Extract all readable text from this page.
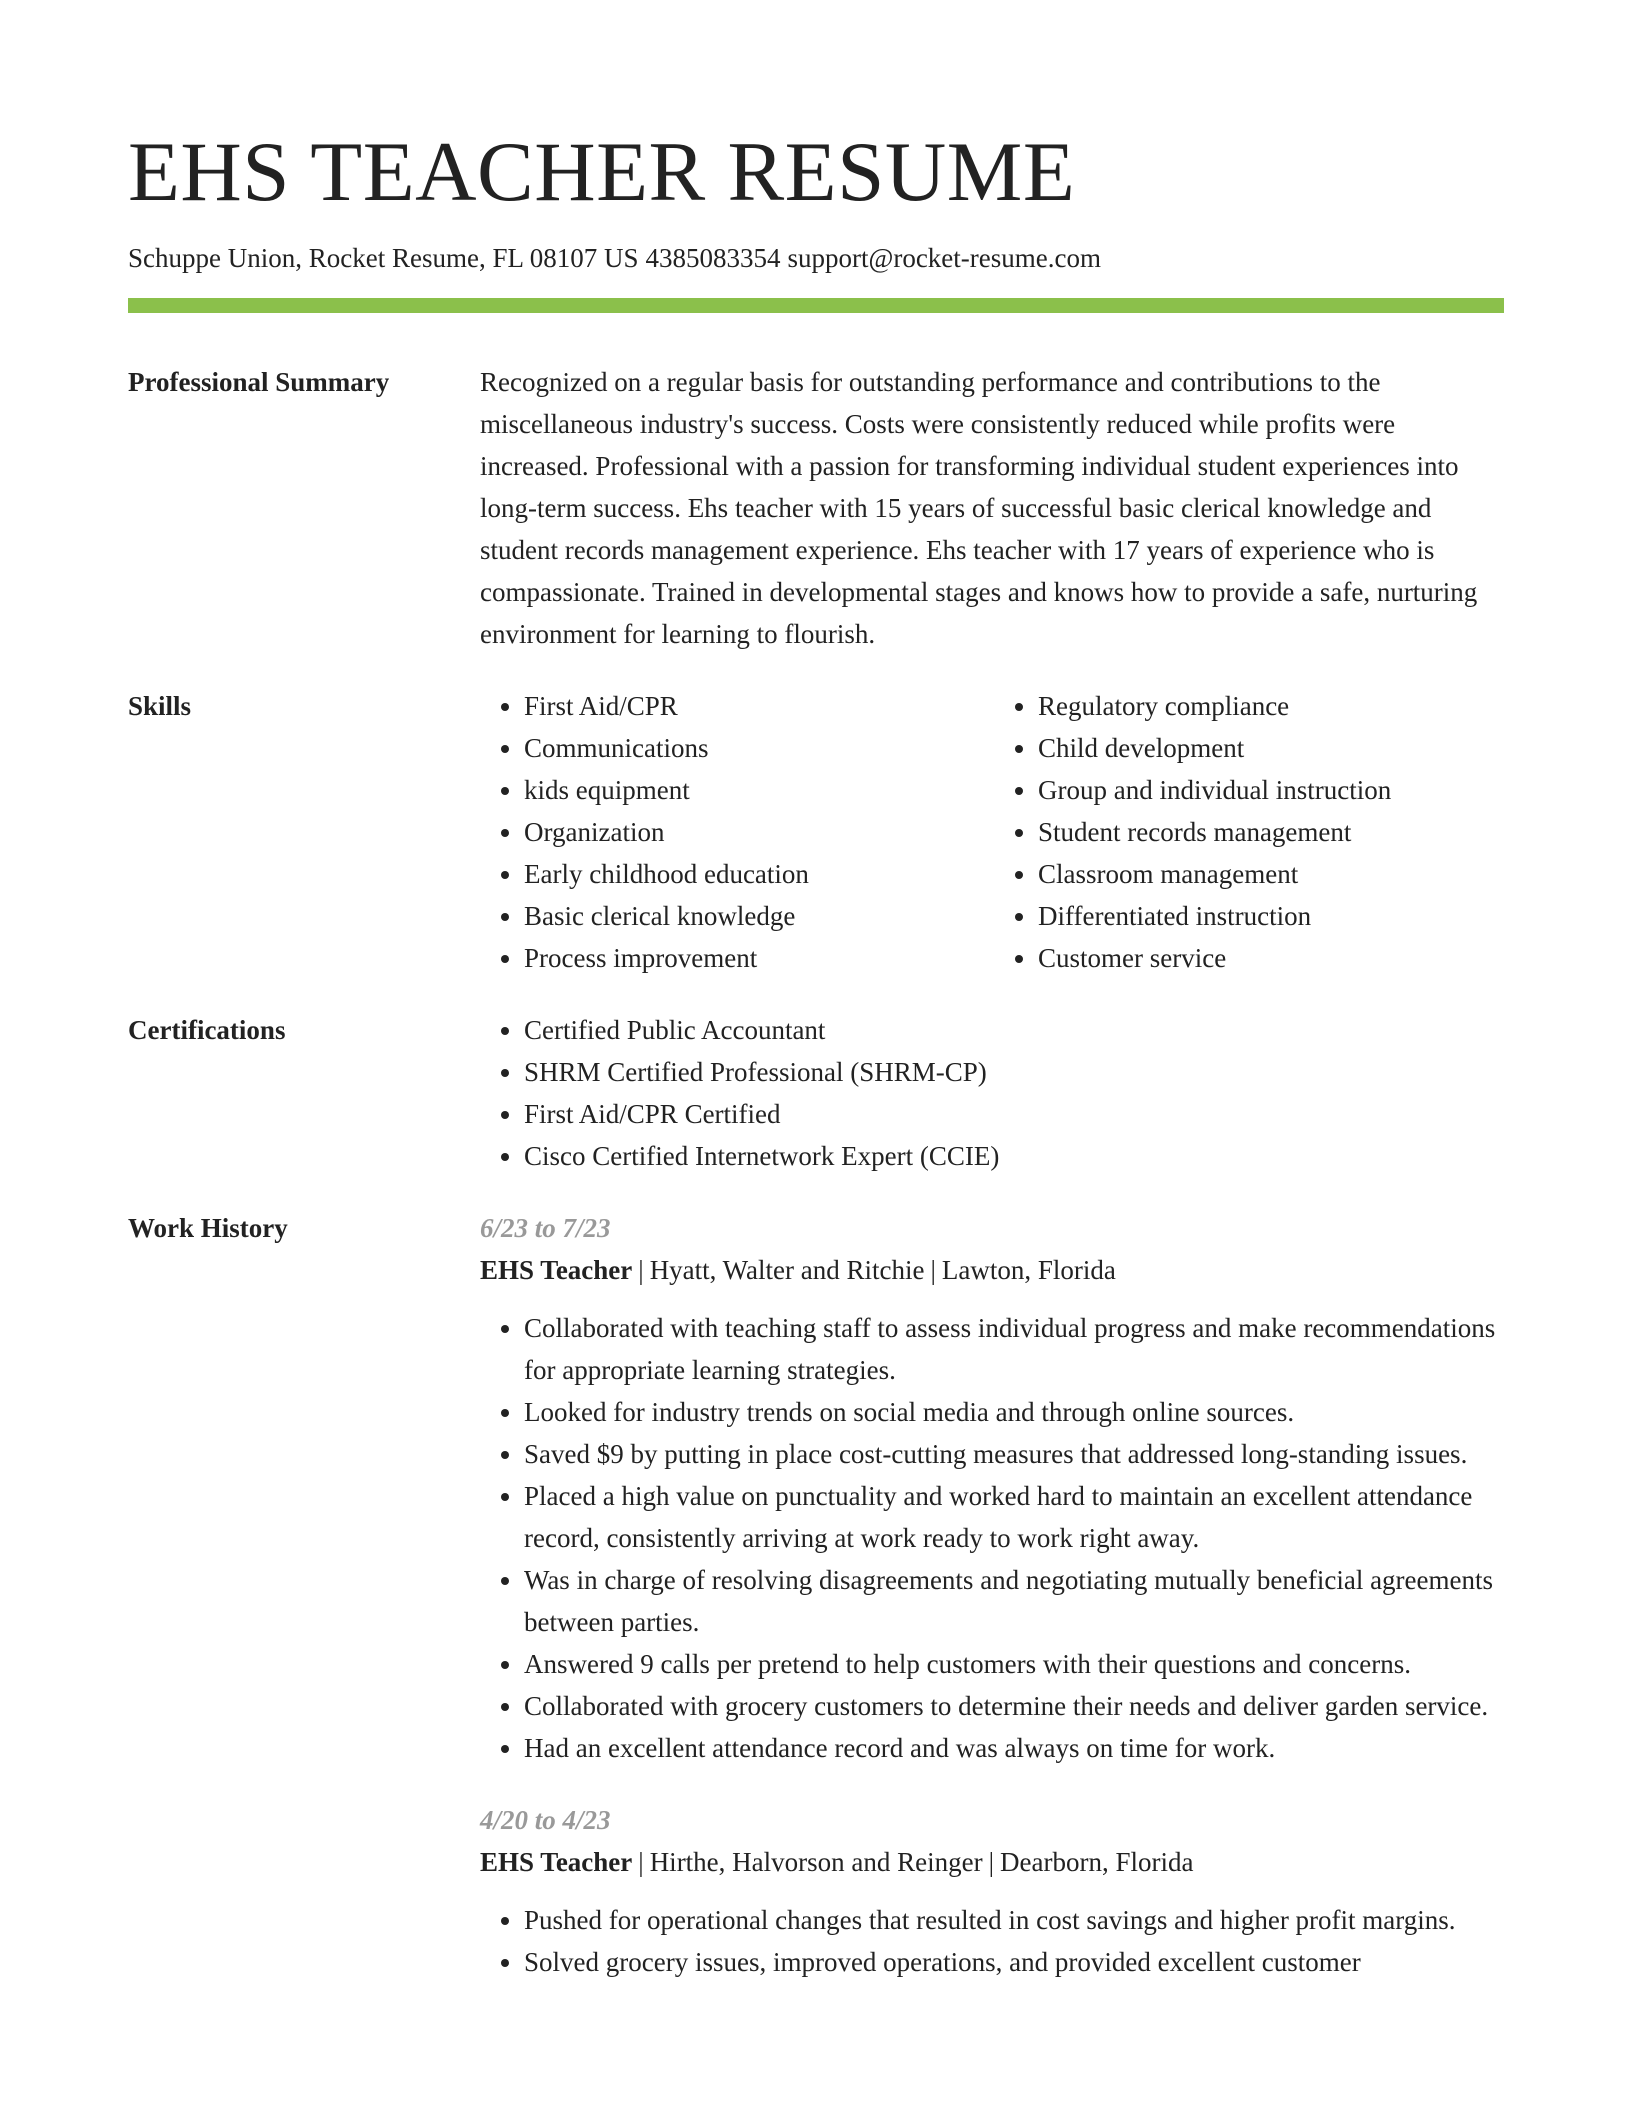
EHS TEACHER RESUME
Schuppe Union, Rocket Resume, FL 08107 US 4385083354 support@rocket-resume.com
Professional Summary	Recognized on a regular basis for outstanding performance and contributions to the miscellaneous industry's success. Costs were consistently reduced while profits were increased. Professional with a passion for transforming individual student experiences into long-term success. Ehs teacher with 15 years of successful basic clerical knowledge and student records management experience. Ehs teacher with 17 years of experience who is compassionate. Trained in developmental stages and knows how to provide a safe, nurturing environment for learning to flourish.

Skills	• First Aid/CPR
• Communications
• kids equipment
• Organization
• Early childhood education
• Basic clerical knowledge
• Process improvement
• Regulatory compliance
• Child development
• Group and individual instruction
• Student records management
• Classroom management
• Differentiated instruction
• Customer service
Certifications	• Certified Public Accountant
• SHRM Certified Professional (SHRM-CP)
• First Aid/CPR Certified
• Cisco Certified Internetwork Expert (CCIE)
Work History	6/23 to 7/23
EHS Teacher | Hyatt, Walter and Ritchie | Lawton, Florida
• Collaborated with teaching staff to assess individual progress and make recommendations for appropriate learning strategies.
• Looked for industry trends on social media and through online sources.
• Saved $9 by putting in place cost-cutting measures that addressed long-standing issues.
• Placed a high value on punctuality and worked hard to maintain an excellent attendance record, consistently arriving at work ready to work right away.
• Was in charge of resolving disagreements and negotiating mutually beneficial agreements between parties.
• Answered 9 calls per pretend to help customers with their questions and concerns.
• Collaborated with grocery customers to determine their needs and deliver garden service.
• Had an excellent attendance record and was always on time for work.
4/20 to 4/23
EHS Teacher | Hirthe, Halvorson and Reinger | Dearborn, Florida
• Pushed for operational changes that resulted in cost savings and higher profit margins.
• Solved grocery issues, improved operations, and provided excellent customer
